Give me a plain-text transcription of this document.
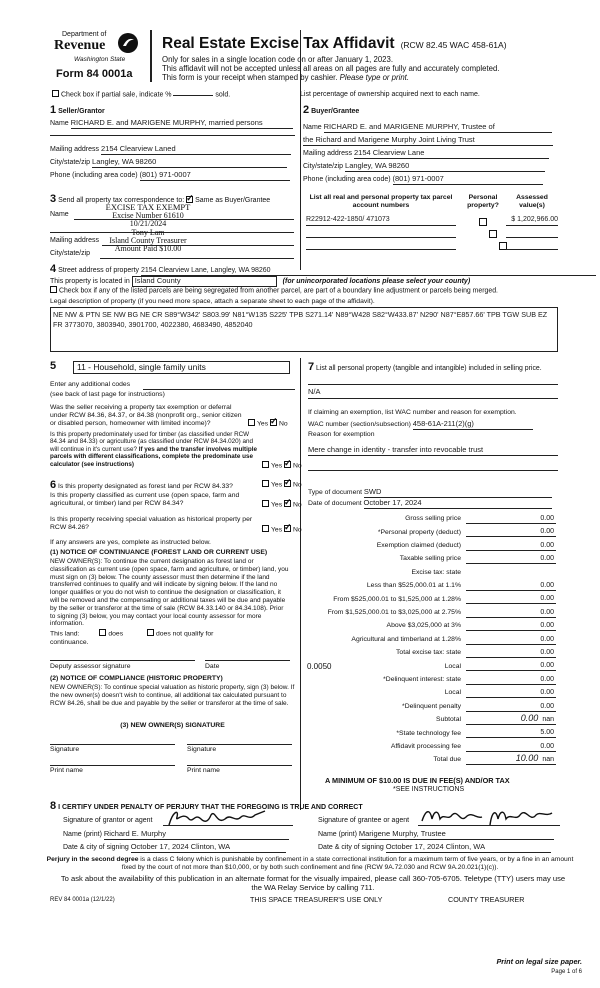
Department of
Revenue
Washington State
Form 84 0001a
Real Estate Excise Tax Affidavit (RCW 82.45 WAC 458-61A)
Only for sales in a single location code on or after January 1, 2023.
This affidavit will not be accepted unless all areas on all pages are fully and accurately completed.
This form is your receipt when stamped by cashier. Please type or print.
Check box if partial sale, indicate %	sold.	List percentage of ownership acquired next to each name.
1 Seller/Grantor
Name RICHARD E. and MARIGENE MURPHY, married persons
Mailing address 2154 Clearview Laned
City/state/zip Langley, WA 98260
Phone (including area code) (801) 971-0007
2 Buyer/Grantee
Name RICHARD E. and MARIGENE MURPHY, Trustee of
the Richard and Marigene Murphy Joint Living Trust
Mailing address 2154 Clearview Lane
City/state/zip Langley, WA 98260
Phone (including area code) (801) 971-0007
3 Send all property tax correspondence to: ✓ Same as Buyer/Grantee
Name
Mailing address
City/state/zip
EXCISE TAX EXEMPT
Excise Number 61610
10/21/2024
Tony Lam
Island County Treasurer
Amount Paid $10.00
List all real and personal property tax parcel account numbers
Personal property?
Assessed value(s)
R22912-422-1850/ 471073	$ 1,202,966.00
4 Street address of property 2154 Clearview Lane, Langley, WA 98260
This property is located in Island County	(for unincorporated locations please select your county)
Check box if any of the listed parcels are being segregated from another parcel, are part of a boundary line adjustment or parcels being merged.
Legal description of property (if you need more space, attach a separate sheet to each page of the affidavit).
NE NW & PTN SE NW BG NE CR S89°W342' S803.99' N81°W135 S225' TPB S271.14' N89°W428 S82°W433.87' N290' N87°E857.66' TPB TGW SUB EZ FR 3773070, 3803940, 3901700, 4022380, 4683490, 4852040
5	11 - Household, single family units
Enter any additional codes
(see back of last page for instructions)
Was the seller receiving a property tax exemption or deferral under RCW 84.36, 84.37, or 84.38 (nonprofit org., senior citizen or disabled person, homeowner with limited income)?	Yes ✓ No
Is this property predominately used for timber (as classified under RCW 84.34 and 84.33) or agriculture (as classified under RCW 84.34.020) and will continue in it's current use? If yes and the transfer involves multiple parcels with different classifications, complete the predominate use calculator (see instructions)	Yes ✓ No
6 Is this property designated as forest land per RCW 84.33?	Yes ✓ No
Is this property classified as current use (open space, farm and agricultural, or timber) land per RCW 84.34?	Yes ✓ No
Is this property receiving special valuation as historical property per RCW 84.26?	Yes ✓ No
If any answers are yes, complete as instructed below.
(1) NOTICE OF CONTINUANCE (FOREST LAND OR CURRENT USE)
NEW OWNER(S): To continue the current designation as forest land or classification as current use (open space, farm and agriculture, or timber) land, you must sign on (3) below. The county assessor must then determine if the land transferred continues to qualify and will indicate by signing below. If the land no longer qualifies or you do not wish to continue the designation or classification, it will be removed and the compensating or additional taxes will be due and payable by the seller or transferor at the time of sale (RCW 84.33.140 or 84.34.108). Prior to signing (3) below, you may contact your local county assessor for more information.
This land:	does	does not qualify for
continuance.
Deputy assessor signature	Date
(2) NOTICE OF COMPLIANCE (HISTORIC PROPERTY)
NEW OWNER(S): To continue special valuation as historic property, sign (3) below. If the new owner(s) doesn't wish to continue, all additional tax calculated pursuant to RCW 84.26, shall be due and payable by the seller or transferor at the time of sale.
(3) NEW OWNER(S) SIGNATURE
Signature	Signature
Print name	Print name
7 List all personal property (tangible and intangible) included in selling price.
N/A
If claiming an exemption, list WAC number and reason for exemption.
WAC number (section/subsection) 458-61A-211(2)(g)
Reason for exemption
Mere change in identity - transfer into revocable trust
Type of document SWD
Date of document October 17, 2024
Gross selling price	0.00
*Personal property (deduct)	0.00
Exemption claimed (deduct)	0.00
Taxable selling price	0.00
Excise tax: state
Less than $525,000.01 at 1.1%	0.00
From $525,000.01 to $1,525,000 at 1.28%	0.00
From $1,525,000.01 to $3,025,000 at 2.75%	0.00
Above $3,025,000 at 3%	0.00
Agricultural and timberland at 1.28%	0.00
Total excise tax: state	0.00
Local
0.0050	0.00
*Delinquent interest: state	0.00
Local	0.00
*Delinquent penalty	0.00
Subtotal	0.00 nan
*State technology fee	5.00
Affidavit processing fee	0.00
Total due	10.00 nan
A MINIMUM OF $10.00 IS DUE IN FEE(S) AND/OR TAX
*SEE INSTRUCTIONS
8 I CERTIFY UNDER PENALTY OF PERJURY THAT THE FOREGOING IS TRUE AND CORRECT
Signature of grantor or agent
Name (print) Richard E. Murphy
Date & city of signing October 17, 2024 Clinton, WA
Signature of grantee or agent
Name (print) Marigene Murphy, Trustee
Date & city of signing October 17, 2024 Clinton, WA
Perjury in the second degree is a class C felony which is punishable by confinement in a state correctional institution for a maximum term of five years, or by a fine in an amount fixed by the court of not more than $10,000, or by both such confinement and fine (RCW 9A.72.030 and RCW 9A.20.021(1)(c)).
To ask about the availability of this publication in an alternate format for the visually impaired, please call 360-705-6705. Teletype (TTY) users may use the WA Relay Service by calling 711.
REV 84 0001a (12/1/22)	THIS SPACE TREASURER'S USE ONLY	COUNTY TREASURER
Print on legal size paper.
Page 1 of 6
